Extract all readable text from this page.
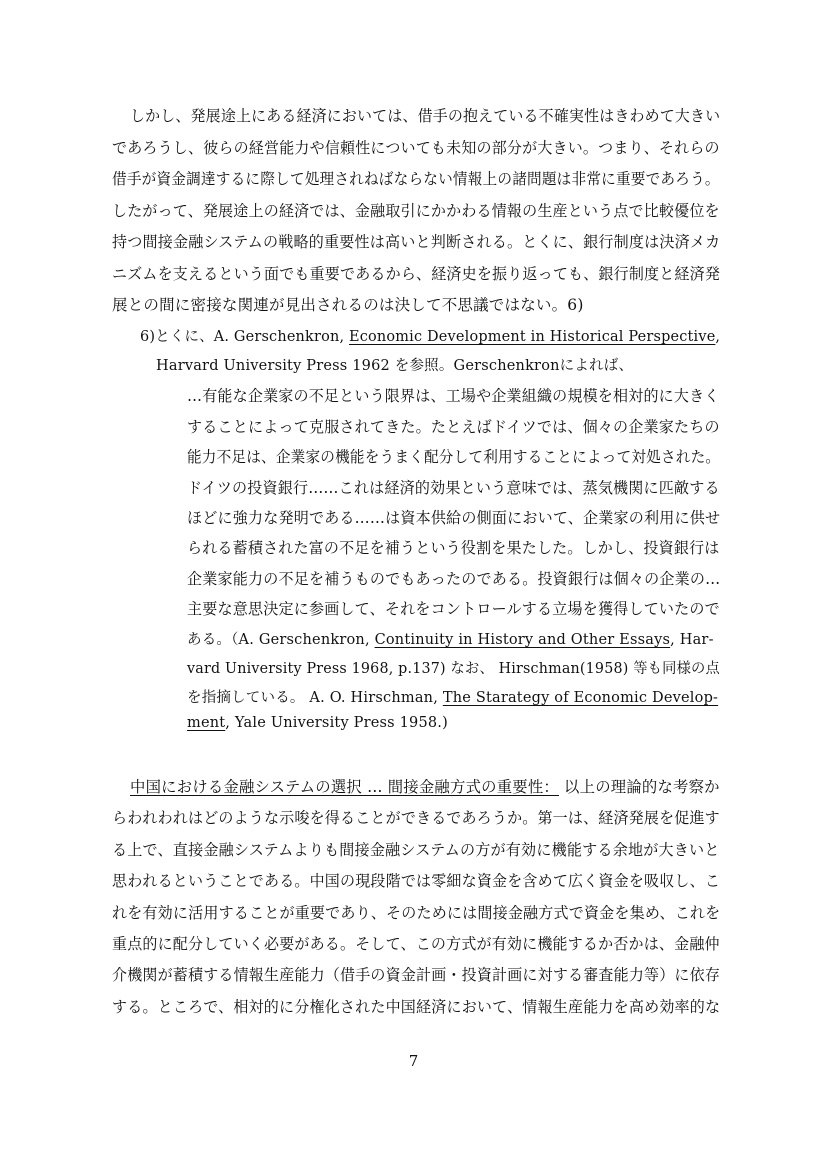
しかし、発展途上にある経済においては、借手の抱えている不確実性はきわめて大きい
であろうし、彼らの経営能力や信頼性についても未知の部分が大きい。つまり、それらの
借手が資金調達するに際して処理されねばならない情報上の諸問題は非常に重要であろう。
したがって、発展途上の経済では、金融取引にかかわる情報の生産という点で比較優位を
持つ間接金融システムの戦略的重要性は高いと判断される。とくに、銀行制度は決済メカ
ニズムを支えるという面でも重要であるから、経済史を振り返っても、銀行制度と経済発
展との間に密接な関連が見出されるのは決して不思議ではない。6)
6)とくに、A. Gerschenkron, Economic Development in Historical Perspective,
Harvard University Press 1962 を参照。Gerschenkronによれば、
…有能な企業家の不足という限界は、工場や企業組織の規模を相対的に大きく
することによって克服されてきた。たとえばドイツでは、個々の企業家たちの
能力不足は、企業家の機能をうまく配分して利用することによって対処された。
ドイツの投資銀行……これは経済的効果という意味では、蒸気機関に匹敵する
ほどに強力な発明である……は資本供給の側面において、企業家の利用に供せ
られる蓄積された富の不足を補うという役割を果たした。しかし、投資銀行は
企業家能力の不足を補うものでもあったのである。投資銀行は個々の企業の…
主要な意思決定に参画して、それをコントロールする立場を獲得していたので
ある。（A. Gerschenkron, Continuity in History and Other Essays, Har-
vard University Press 1968, p.137) なお、 Hirschman(1958) 等も同様の点
を指摘している。 A. O. Hirschman, The Starategy of Economic Develop-
ment, Yale University Press 1958.)
中国における金融システムの選択 … 間接金融方式の重要性： 以上の理論的な考察か
らわれわれはどのような示唆を得ることができるであろうか。第一は、経済発展を促進す
る上で、直接金融システムよりも間接金融システムの方が有効に機能する余地が大きいと
思われるということである。中国の現段階では零細な資金を含めて広く資金を吸収し、こ
れを有効に活用することが重要であり、そのためには間接金融方式で資金を集め、これを
重点的に配分していく必要がある。そして、この方式が有効に機能するか否かは、金融仲
介機関が蓄積する情報生産能力（借手の資金計画・投資計画に対する審査能力等）に依存
する。ところで、相対的に分権化された中国経済において、情報生産能力を高め効率的な
7
